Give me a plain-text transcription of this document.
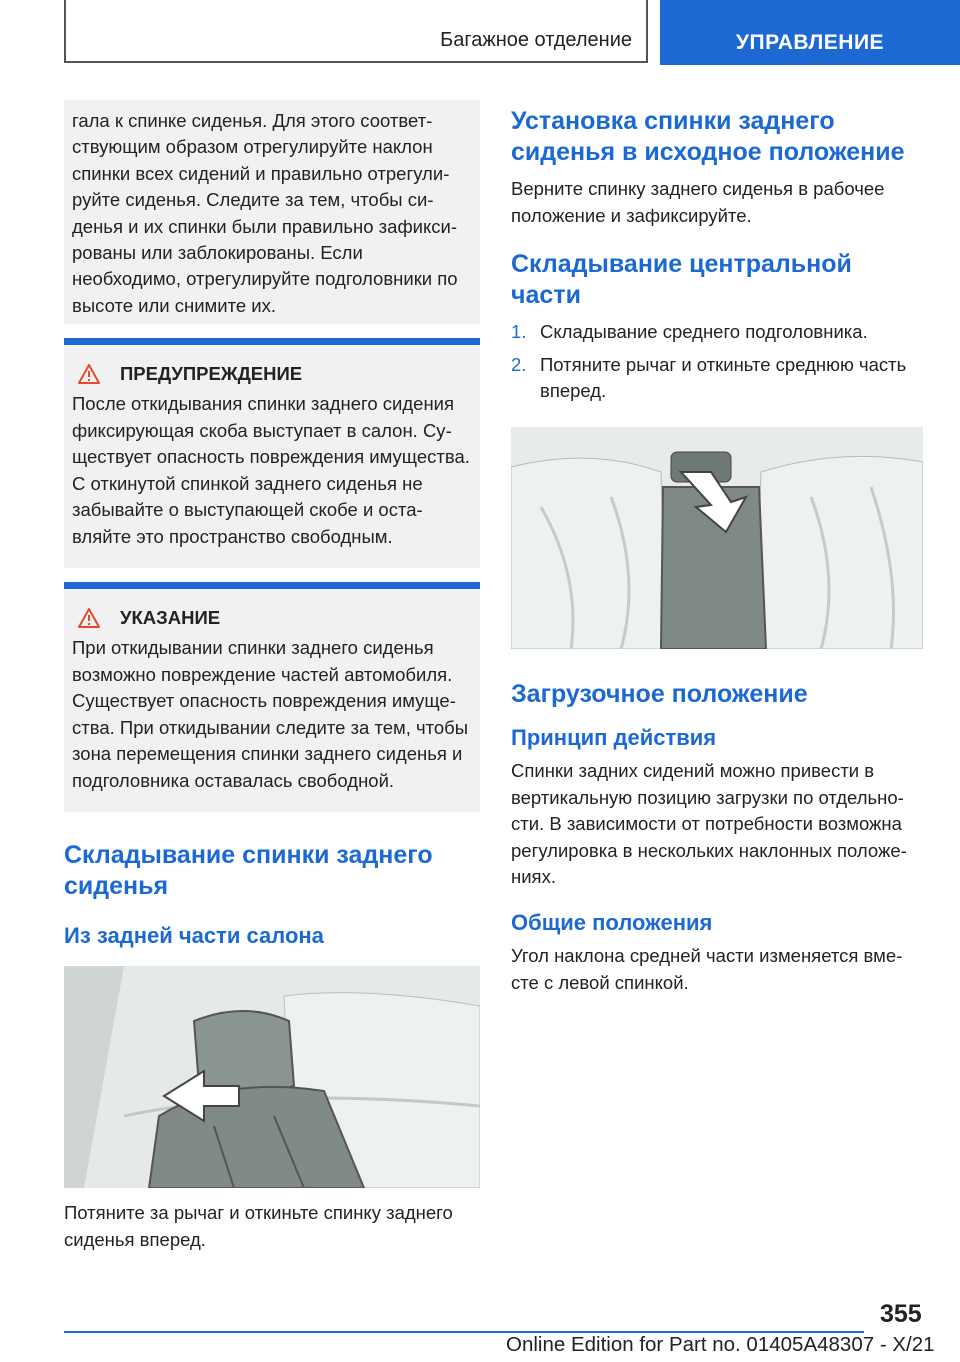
Багажное отделение	УПРАВЛЕНИЕ

гала к спинке сиденья. Для этого соответствующим образом отрегулируйте наклон спинки всех сидений и правильно отрегулируйте сиденья. Следите за тем, чтобы сиденья и их спинки были правильно зафиксированы или заблокированы. Если необходимо, отрегулируйте подголовники по высоте или снимите их.

ПРЕДУПРЕЖДЕНИЕ

После откидывания спинки заднего сидения фиксирующая скоба выступает в салон. Существует опасность повреждения имущества. С откинутой спинкой заднего сиденья не забывайте о выступающей скобе и оставляйте это пространство свободным.

УКАЗАНИЕ

При откидывании спинки заднего сиденья возможно повреждение частей автомобиля. Существует опасность повреждения имущества. При откидывании следите за тем, чтобы зона перемещения спинки заднего сиденья и подголовника оставалась свободной.

Складывание спинки заднего сиденья
Из задней части салона

Потяните за рычаг и откиньте спинку заднего сиденья вперед.

Установка спинки заднего сиденья в исходное положение

Верните спинку заднего сиденья в рабочее положение и зафиксируйте.

Складывание центральной части
1. Складывание среднего подголовника.
2. Потяните рычаг и откиньте среднюю часть вперед.
Загрузочное положение
Принцип действия

Спинки задних сидений можно привести в вертикальную позицию загрузки по отдельности. В зависимости от потребности возможна регулировка в нескольких наклонных положениях.

Общие положения

Угол наклона средней части изменяется вместе с левой спинкой.

355
Online Edition for Part no. 01405A48307 - X/21
